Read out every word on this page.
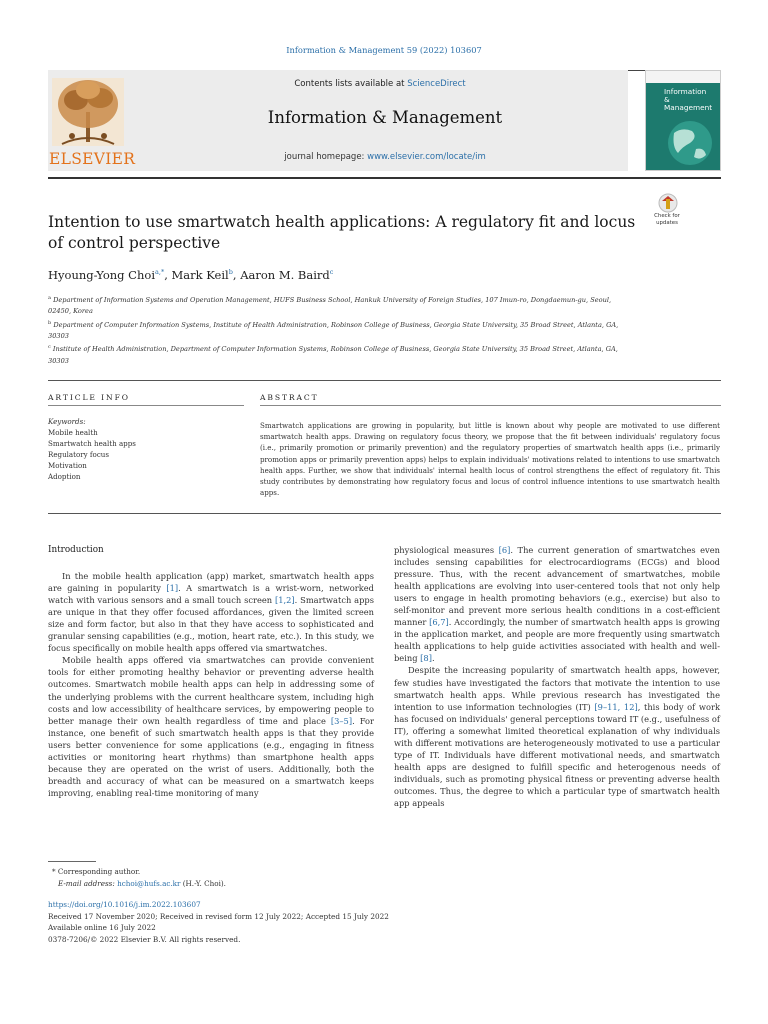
Information & Management 59 (2022) 103607
ELSEVIER
Contents lists available at ScienceDirect
Information & Management
journal homepage: www.elsevier.com/locate/im
Information
& Management
Intention to use smartwatch health applications: A regulatory fit and locus of control perspective
Check for
updates
Hyoung-Yong Choi$^{a,*}$, Mark Keil$^b$, Aaron M. Baird$^c$
$^a$ Department of Information Systems and Operation Management, HUFS Business School, Hankuk University of Foreign Studies, 107 Imun-ro, Dongdaemun-gu, Seoul, 02450, Korea
$^b$ Department of Computer Information Systems, Institute of Health Administration, Robinson College of Business, Georgia State University, 35 Broad Street, Atlanta, GA, 30303
$^c$ Institute of Health Administration, Department of Computer Information Systems, Robinson College of Business, Georgia State University, 35 Broad Street, Atlanta, GA, 30303
ARTICLE INFO	ABSTRACT
Keywords:
Mobile health
Smartwatch health apps
Regulatory focus
Motivation
Adoption
Smartwatch applications are growing in popularity, but little is known about why people are motivated to use different smartwatch health apps. Drawing on regulatory focus theory, we propose that the fit between individuals' regulatory focus (i.e., primarily promotion or primarily prevention) and the regulatory properties of smartwatch health apps (i.e., primarily promotion apps or primarily prevention apps) helps to explain individuals' motivations related to intentions to use smartwatch health apps. Further, we show that individuals' internal health locus of control strengthens the effect of regulatory fit. This study contributes by demonstrating how regulatory focus and locus of control influence intentions to use smartwatch health apps.

Introduction

In the mobile health application (app) market, smartwatch health apps are gaining in popularity [1]. A smartwatch is a wrist-worn, networked watch with various sensors and a small touch screen [1,2]. Smartwatch apps are unique in that they offer focused affordances, given the limited screen size and form factor, but also in that they have access to sophisticated and granular sensing capabilities (e.g., motion, heart rate, etc.). In this study, we focus specifically on mobile health apps offered via smartwatches.

Mobile health apps offered via smartwatches can provide convenient tools for either promoting healthy behavior or preventing adverse health outcomes. Smartwatch mobile health apps can help in addressing some of the underlying problems with the current healthcare system, including high costs and low accessibility of healthcare services, by empowering people to better manage their own health regardless of time and place [3–5]. For instance, one benefit of such smartwatch health apps is that they provide users better convenience for some applications (e.g., engaging in fitness activities or monitoring heart rhythms) than smartphone health apps because they are operated on the wrist of users. Additionally, both the breadth and accuracy of what can be measured on a smartwatch keeps improving, enabling real-time monitoring of many

physiological measures [6]. The current generation of smartwatches even includes sensing capabilities for electrocardiograms (ECGs) and blood pressure. Thus, with the recent advancement of smartwatches, mobile health applications are evolving into user-centered tools that not only help users to engage in health promoting behaviors (e.g., exercise) but also to self-monitor and prevent more serious health conditions in a cost-efficient manner [6,7]. Accordingly, the number of smartwatch health apps is growing in the application market, and people are more frequently using smartwatch health applications to help guide activities associated with health and well-being [8].

Despite the increasing popularity of smartwatch health apps, however, few studies have investigated the factors that motivate the intention to use smartwatch health apps. While previous research has investigated the intention to use information technologies (IT) [9–11, 12], this body of work has focused on individuals' general perceptions toward IT (e.g., usefulness of IT), offering a somewhat limited theoretical explanation of why individuals with different motivations are heterogeneously motivated to use a particular type of IT. Individuals have different motivational needs, and smartwatch health apps are designed to fulfill specific and heterogenous needs of individuals, such as promoting physical fitness or preventing adverse health outcomes. Thus, the degree to which a particular type of smartwatch health app appeals

* Corresponding author.
E-mail address: hchoi@hufs.ac.kr (H.-Y. Choi).
https://doi.org/10.1016/j.im.2022.103607
Received 17 November 2020; Received in revised form 12 July 2022; Accepted 15 July 2022
Available online 16 July 2022
0378-7206/© 2022 Elsevier B.V. All rights reserved.
